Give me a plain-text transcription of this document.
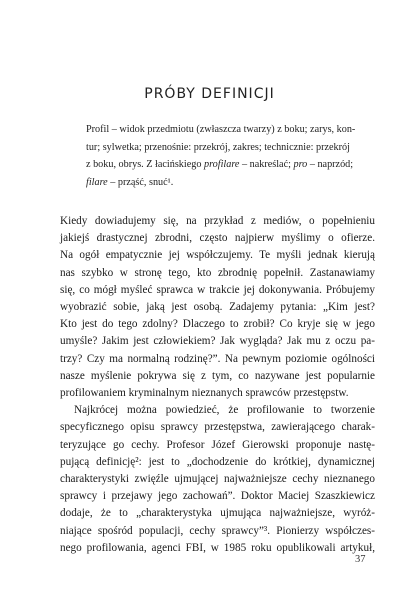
PRÓBY DEFINICJI
Profil – widok przedmiotu (zwłaszcza twarzy) z boku; zarys, kon-
tur; sylwetka; przenośnie: przekrój, zakres; technicznie: przekrój
z boku, obrys. Z łacińskiego profilare – nakreślać; pro – naprzód;
filare – prząść, snuć¹.
Kiedy dowiadujemy się, na przykład z mediów, o popełnieniu
jakiejś drastycznej zbrodni, często najpierw myślimy o ofierze.
Na ogół empatycznie jej współczujemy. Te myśli jednak kierują
nas szybko w stronę tego, kto zbrodnię popełnił. Zastanawiamy
się, co mógł myśleć sprawca w trakcie jej dokonywania. Próbujemy
wyobrazić sobie, jaką jest osobą. Zadajemy pytania: „Kim jest?
Kto jest do tego zdolny? Dlaczego to zrobił? Co kryje się w jego
umyśle? Jakim jest człowiekiem? Jak wygląda? Jak mu z oczu pa-
trzy? Czy ma normalną rodzinę?”. Na pewnym poziomie ogólności
nasze myślenie pokrywa się z tym, co nazywane jest popularnie
profilowaniem kryminalnym nieznanych sprawców przestępstw.
Najkrócej można powiedzieć, że profilowanie to tworzenie
specyficznego opisu sprawcy przestępstwa, zawierającego charak-
teryzujące go cechy. Profesor Józef Gierowski proponuje nastę-
pującą definicję²: jest to „dochodzenie do krótkiej, dynamicznej
charakterystyki zwięźle ujmującej najważniejsze cechy nieznanego
sprawcy i przejawy jego zachowań”. Doktor Maciej Szaszkiewicz
dodaje, że to „charakterystyka ujmująca najważniejsze, wyróż-
niające spośród populacji, cechy sprawcy”³. Pionierzy współczes-
nego profilowania, agenci FBI, w 1985 roku opublikowali artykuł,
37
